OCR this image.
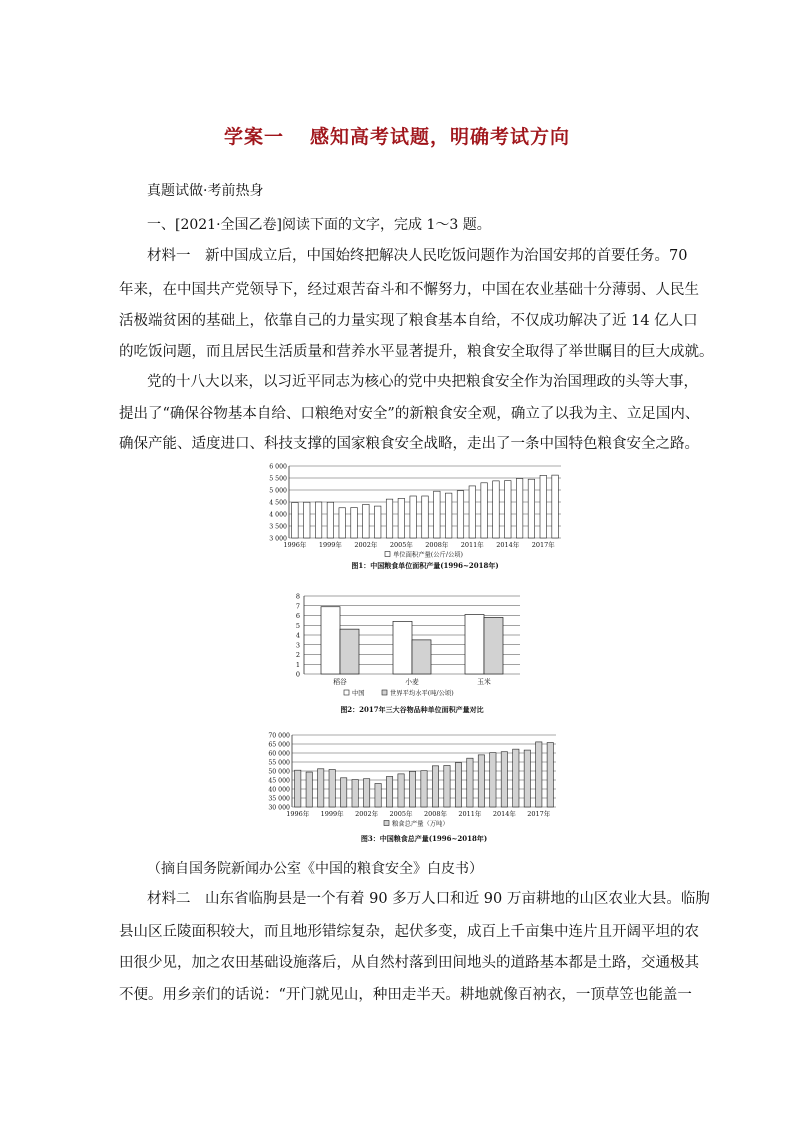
学案一 感知高考试题，明确考试方向
真题试做·考前热身
一、[2021·全国乙卷]阅读下面的文字，完成 1～3 题。
材料一　新中国成立后，中国始终把解决人民吃饭问题作为治国安邦的首要任务。70
年来，在中国共产党领导下，经过艰苦奋斗和不懈努力，中国在农业基础十分薄弱、人民生
活极端贫困的基础上，依靠自己的力量实现了粮食基本自给，不仅成功解决了近 14 亿人口
的吃饭问题，而且居民生活质量和营养水平显著提升，粮食安全取得了举世瞩目的巨大成就。
党的十八大以来，以习近平同志为核心的党中央把粮食安全作为治国理政的头等大事，
提出了“确保谷物基本自给、口粮绝对安全”的新粮食安全观，确立了以我为主、立足国内、
确保产能、适度进口、科技支撑的国家粮食安全战略，走出了一条中国特色粮食安全之路。
3 000
3 500
4 000
4 500
5 000
5 500
6 000
1996年 1999年 2002年 2005年 2008年 2011年 2014年 2017年
单位面积产量(公斤/公顷)
图1：中国粮食单位面积产量(1996~2018年)
0
1
2
3
4
5
6
7
8
稻谷	小麦	玉米
中国	世界平均水平(吨/公顷)
图2：2017年三大谷物品种单位面积产量对比
30 000
35 000
40 000
45 000
50 000
55 000
60 000
65 000
70 000
1996年 1999年 2002年 2005年 2008年 2011年 2014年 2017年
粮食总产量（万吨）
图3：中国粮食总产量(1996~2018年)
（摘自国务院新闻办公室《中国的粮食安全》白皮书）
材料二　山东省临朐县是一个有着 90 多万人口和近 90 万亩耕地的山区农业大县。临朐
县山区丘陵面积较大，而且地形错综复杂，起伏多变，成百上千亩集中连片且开阔平坦的农
田很少见，加之农田基础设施落后，从自然村落到田间地头的道路基本都是土路，交通极其
不便。用乡亲们的话说：“开门就见山，种田走半天。耕地就像百衲衣，一顶草笠也能盖一
